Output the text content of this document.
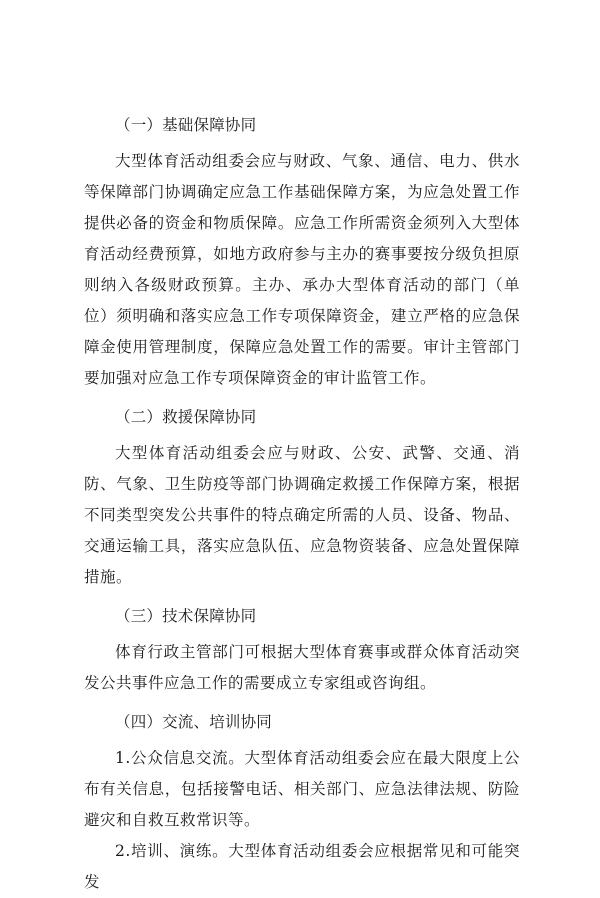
（一）基础保障协同

大型体育活动组委会应与财政、气象、通信、电力、供水等保障部门协调确定应急工作基础保障方案，为应急处置工作提供必备的资金和物质保障。应急工作所需资金须列入大型体育活动经费预算，如地方政府参与主办的赛事要按分级负担原则纳入各级财政预算。主办、承办大型体育活动的部门（单位）须明确和落实应急工作专项保障资金，建立严格的应急保障金使用管理制度，保障应急处置工作的需要。审计主管部门要加强对应急工作专项保障资金的审计监管工作。

（二）救援保障协同

大型体育活动组委会应与财政、公安、武警、交通、消防、气象、卫生防疫等部门协调确定救援工作保障方案，根据不同类型突发公共事件的特点确定所需的人员、设备、物品、交通运输工具，落实应急队伍、应急物资装备、应急处置保障措施。

（三）技术保障协同

体育行政主管部门可根据大型体育赛事或群众体育活动突发公共事件应急工作的需要成立专家组或咨询组。

（四）交流、培训协同

1.公众信息交流。大型体育活动组委会应在最大限度上公布有关信息，包括接警电话、相关部门、应急法律法规、防险避灾和自救互救常识等。

2.培训、演练。大型体育活动组委会应根据常见和可能突发
